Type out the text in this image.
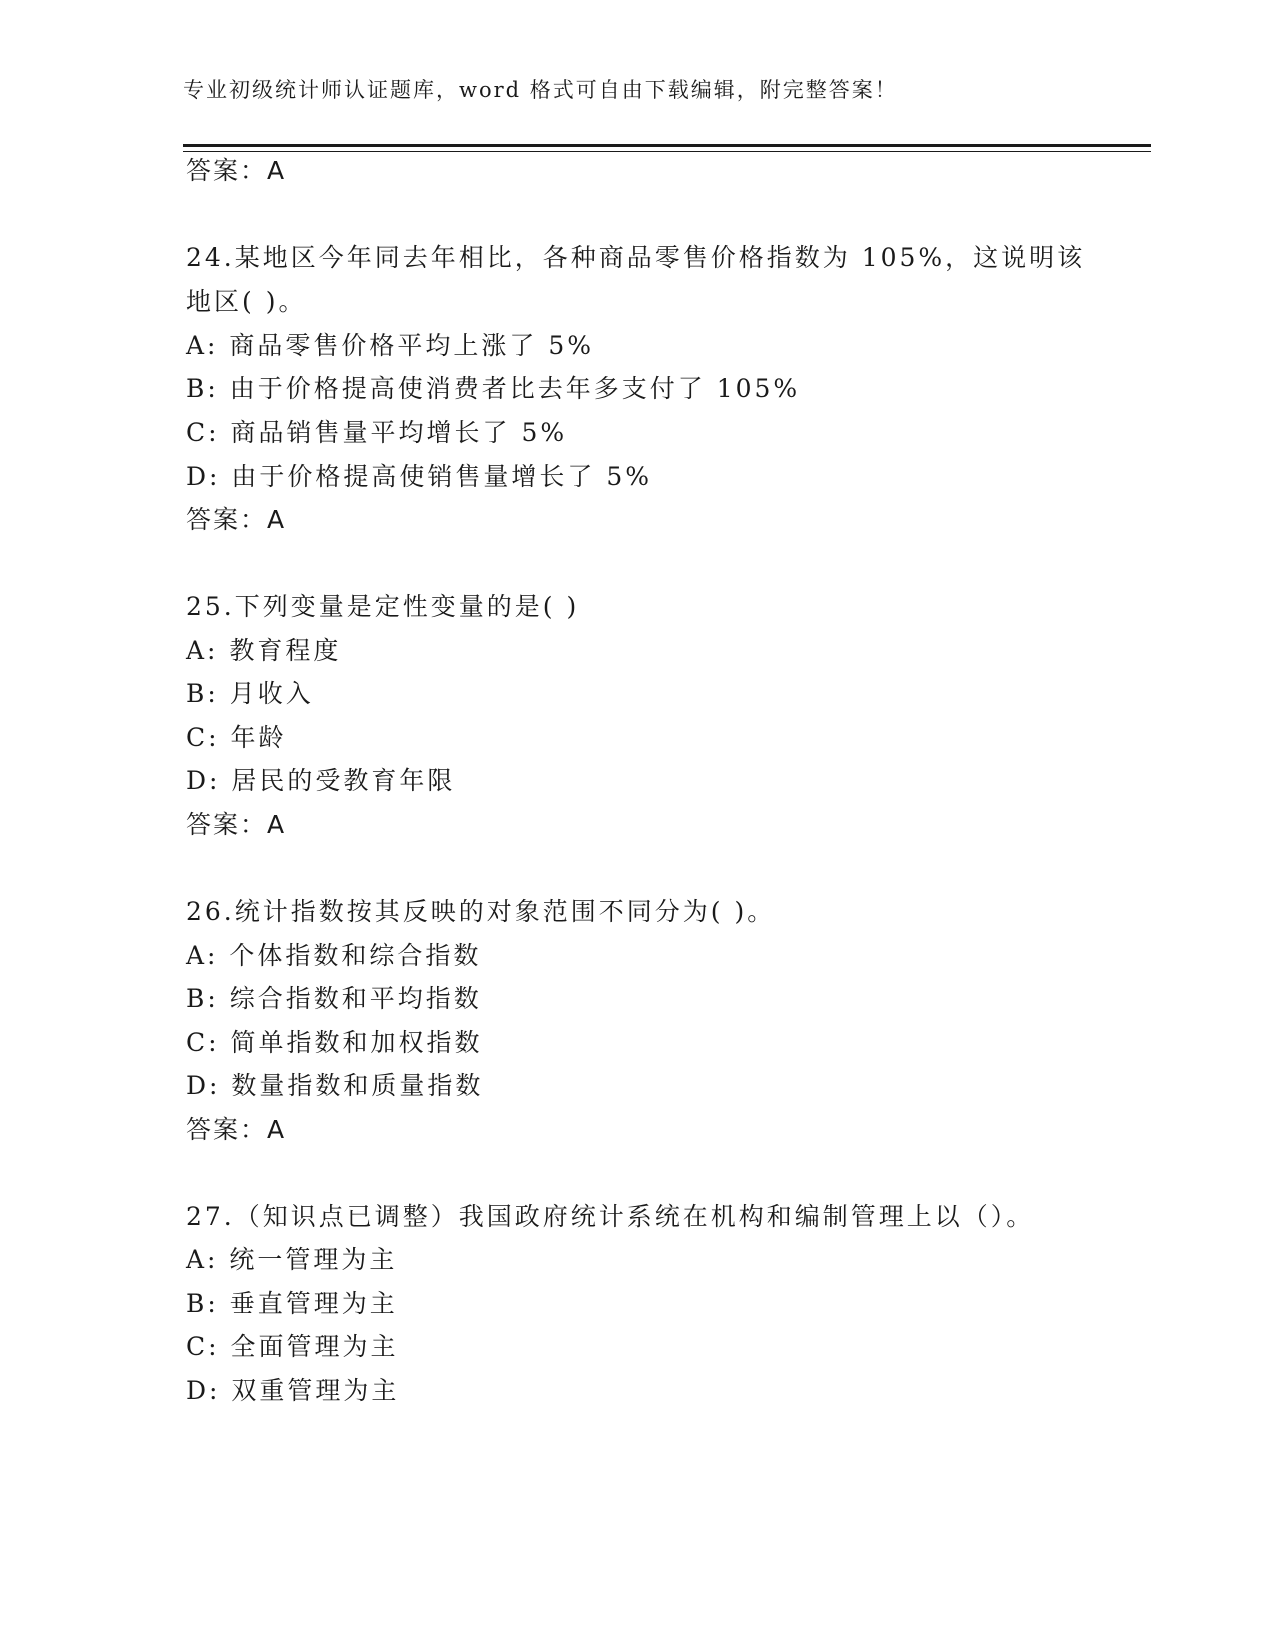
专业初级统计师认证题库，word 格式可自由下载编辑，附完整答案！
答案：A
24.某地区今年同去年相比，各种商品零售价格指数为 105%，这说明该
地区( )。
A: 商品零售价格平均上涨了 5%
B: 由于价格提高使消费者比去年多支付了 105%
C: 商品销售量平均增长了 5%
D: 由于价格提高使销售量增长了 5%
答案：A
25.下列变量是定性变量的是( )
A: 教育程度
B: 月收入
C: 年龄
D: 居民的受教育年限
答案：A
26.统计指数按其反映的对象范围不同分为( )。
A: 个体指数和综合指数
B: 综合指数和平均指数
C: 简单指数和加权指数
D: 数量指数和质量指数
答案：A
27.（知识点已调整）我国政府统计系统在机构和编制管理上以（）。
A: 统一管理为主
B: 垂直管理为主
C: 全面管理为主
D: 双重管理为主
